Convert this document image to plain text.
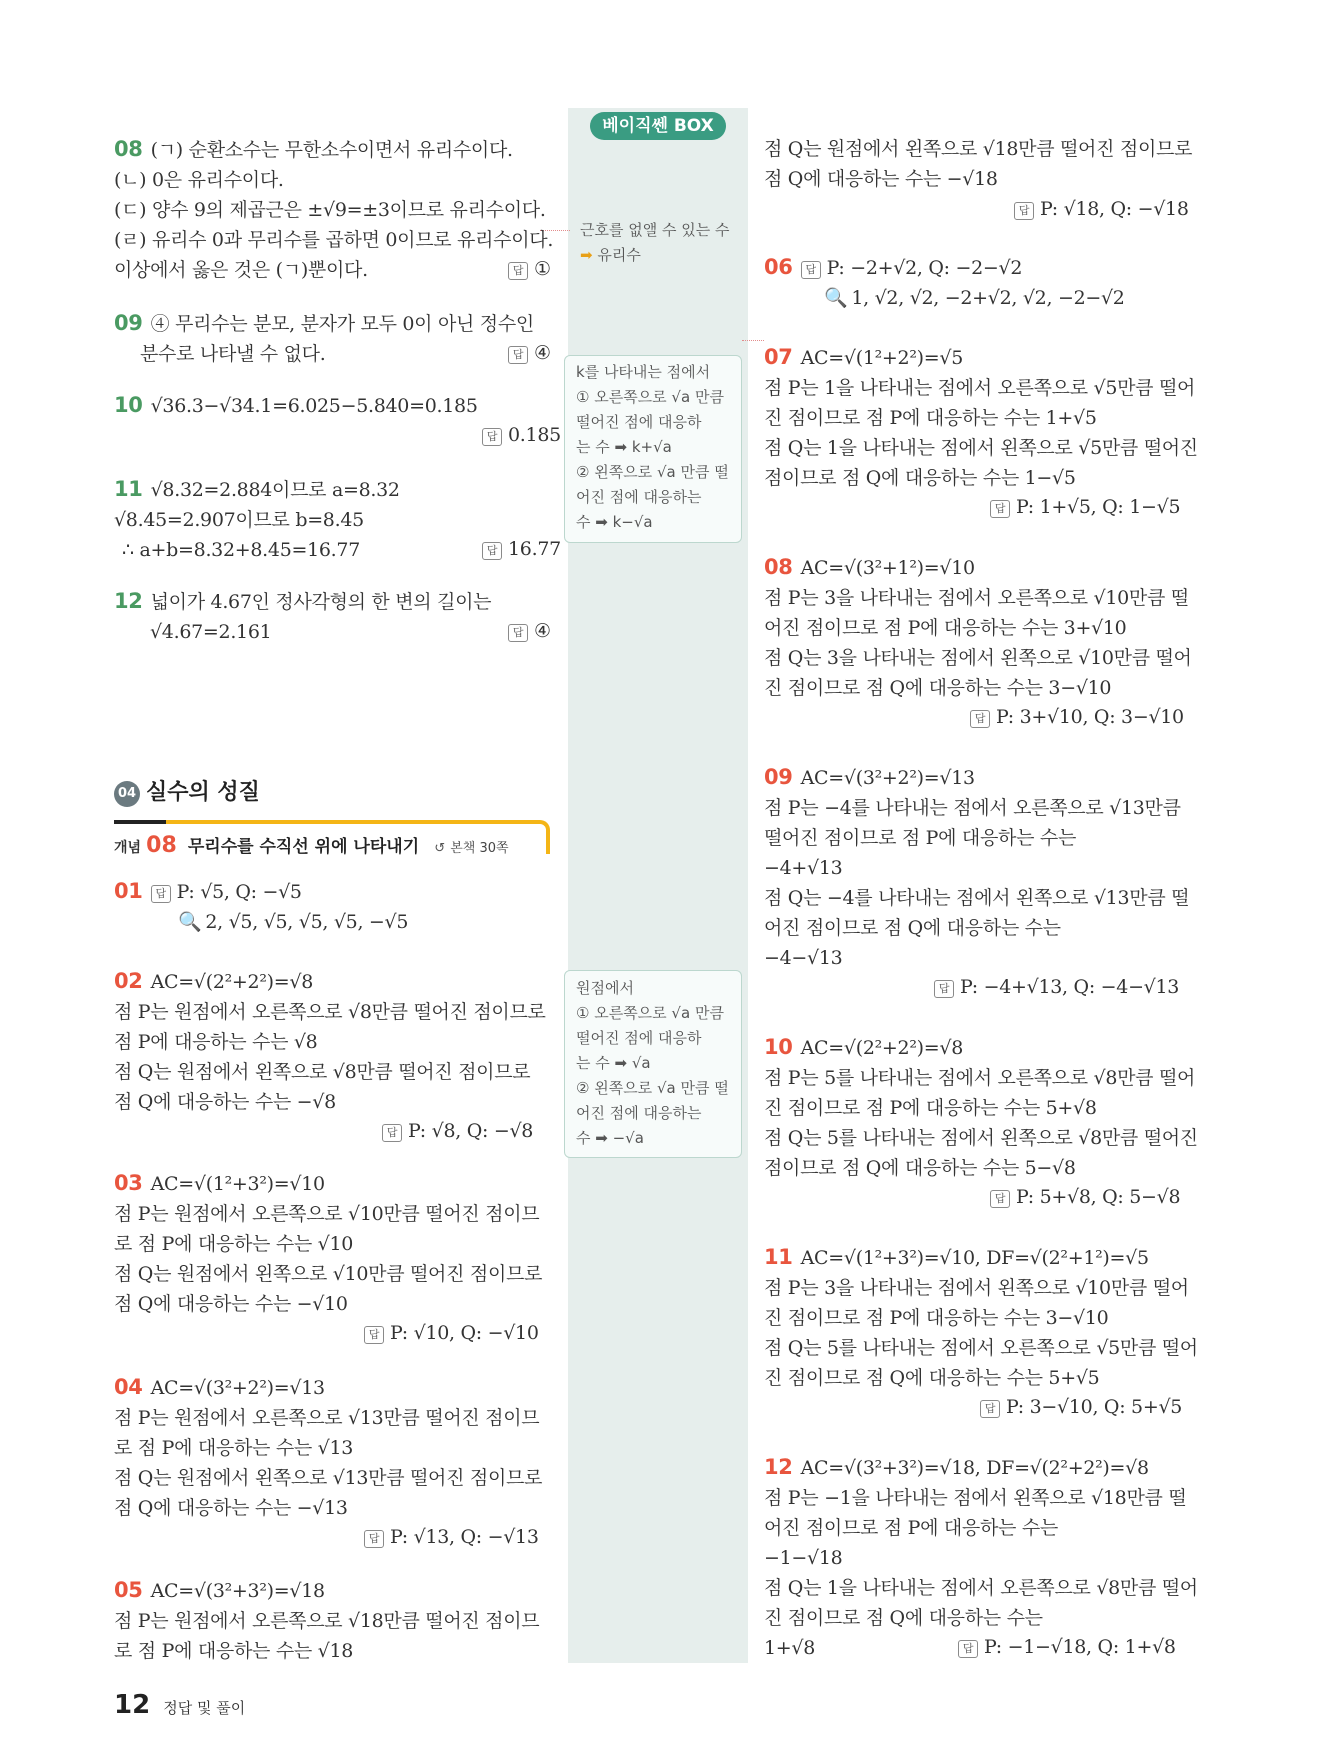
베이직쎈 BOX
근호를 없앨 수 있는 수
➡ 유리수
k를 나타내는 점에서
① 오른쪽으로 √a 만큼
떨어진 점에 대응하
는 수 ➡ k+√a
② 왼쪽으로 √a 만큼 떨
어진 점에 대응하는
수 ➡ k−√a
원점에서
① 오른쪽으로 √a 만큼
떨어진 점에 대응하
는 수 ➡ √a
② 왼쪽으로 √a 만큼 떨
어진 점에 대응하는
수 ➡ −√a
08 (ㄱ) 순환소수는 무한소수이면서 유리수이다.
(ㄴ) 0은 유리수이다.
(ㄷ) 양수 9의 제곱근은 ±√9=±3이므로 유리수이다.
(ㄹ) 유리수 0과 무리수를 곱하면 0이므로 유리수이다.
이상에서 옳은 것은 (ㄱ)뿐이다.	답 ①
09 ④ 무리수는 분모, 분자가 모두 0이 아닌 정수인
분수로 나타낼 수 없다.	답 ④
10 √36.3−√34.1=6.025−5.840=0.185
답 0.185
11 √8.32=2.884이므로 a=8.32
√8.45=2.907이므로 b=8.45
∴ a+b=8.32+8.45=16.77	답 16.77
12 넓이가 4.67인 정사각형의 한 변의 길이는
√4.67=2.161	답 ④
04 실수의 성질
개념 08 무리수를 수직선 위에 나타내기 ↺ 본책 30쪽
01 답 P: √5, Q: −√5
🔍 2, √5, √5, √5, √5, −√5
02 AC=√(2²+2²)=√8
점 P는 원점에서 오른쪽으로 √8만큼 떨어진 점이므로
점 P에 대응하는 수는 √8
점 Q는 원점에서 왼쪽으로 √8만큼 떨어진 점이므로
점 Q에 대응하는 수는 −√8
답 P: √8, Q: −√8
03 AC=√(1²+3²)=√10
점 P는 원점에서 오른쪽으로 √10만큼 떨어진 점이므
로 점 P에 대응하는 수는 √10
점 Q는 원점에서 왼쪽으로 √10만큼 떨어진 점이므로
점 Q에 대응하는 수는 −√10
답 P: √10, Q: −√10
04 AC=√(3²+2²)=√13
점 P는 원점에서 오른쪽으로 √13만큼 떨어진 점이므
로 점 P에 대응하는 수는 √13
점 Q는 원점에서 왼쪽으로 √13만큼 떨어진 점이므로
점 Q에 대응하는 수는 −√13
답 P: √13, Q: −√13
05 AC=√(3²+3²)=√18
점 P는 원점에서 오른쪽으로 √18만큼 떨어진 점이므
로 점 P에 대응하는 수는 √18
점 Q는 원점에서 왼쪽으로 √18만큼 떨어진 점이므로
점 Q에 대응하는 수는 −√18
답 P: √18, Q: −√18
06 답 P: −2+√2, Q: −2−√2
🔍 1, √2, √2, −2+√2, √2, −2−√2
07 AC=√(1²+2²)=√5
점 P는 1을 나타내는 점에서 오른쪽으로 √5만큼 떨어
진 점이므로 점 P에 대응하는 수는 1+√5
점 Q는 1을 나타내는 점에서 왼쪽으로 √5만큼 떨어진
점이므로 점 Q에 대응하는 수는 1−√5
답 P: 1+√5, Q: 1−√5
08 AC=√(3²+1²)=√10
점 P는 3을 나타내는 점에서 오른쪽으로 √10만큼 떨
어진 점이므로 점 P에 대응하는 수는 3+√10
점 Q는 3을 나타내는 점에서 왼쪽으로 √10만큼 떨어
진 점이므로 점 Q에 대응하는 수는 3−√10
답 P: 3+√10, Q: 3−√10
09 AC=√(3²+2²)=√13
점 P는 −4를 나타내는 점에서 오른쪽으로 √13만큼
떨어진 점이므로 점 P에 대응하는 수는
−4+√13
점 Q는 −4를 나타내는 점에서 왼쪽으로 √13만큼 떨
어진 점이므로 점 Q에 대응하는 수는
−4−√13
답 P: −4+√13, Q: −4−√13
10 AC=√(2²+2²)=√8
점 P는 5를 나타내는 점에서 오른쪽으로 √8만큼 떨어
진 점이므로 점 P에 대응하는 수는 5+√8
점 Q는 5를 나타내는 점에서 왼쪽으로 √8만큼 떨어진
점이므로 점 Q에 대응하는 수는 5−√8
답 P: 5+√8, Q: 5−√8
11 AC=√(1²+3²)=√10, DF=√(2²+1²)=√5
점 P는 3을 나타내는 점에서 왼쪽으로 √10만큼 떨어
진 점이므로 점 P에 대응하는 수는 3−√10
점 Q는 5를 나타내는 점에서 오른쪽으로 √5만큼 떨어
진 점이므로 점 Q에 대응하는 수는 5+√5
답 P: 3−√10, Q: 5+√5
12 AC=√(3²+3²)=√18, DF=√(2²+2²)=√8
점 P는 −1을 나타내는 점에서 왼쪽으로 √18만큼 떨
어진 점이므로 점 P에 대응하는 수는
−1−√18
점 Q는 1을 나타내는 점에서 오른쪽으로 √8만큼 떨어
진 점이므로 점 Q에 대응하는 수는
1+√8	답 P: −1−√18, Q: 1+√8
12 정답 및 풀이
